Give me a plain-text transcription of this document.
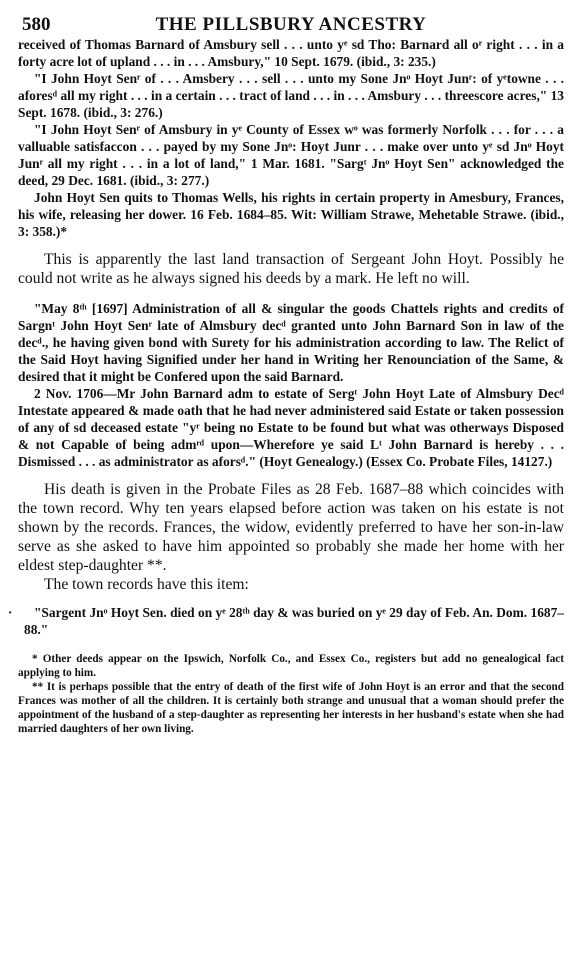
580	THE PILLSBURY ANCESTRY

received of Thomas Barnard of Amsbury sell . . . unto yᵉ sd Tho: Barnard all oʳ right . . . in a forty acre lot of upland . . . in . . . Amsbury," 10 Sept. 1679. (ibid., 3: 235.)

"I John Hoyt Senʳ of . . . Amsbery . . . sell . . . unto my Sone Jnᵒ Hoyt Junʳ: of yᵉtowne . . . aforesᵈ all my right . . . in a certain . . . tract of land . . . in . . . Amsbury . . . threescore acres," 13 Sept. 1678. (ibid., 3: 276.)

"I John Hoyt Senʳ of Amsbury in yᵉ County of Essex wᵒ was formerly Norfolk . . . for . . . a valluable satisfaccon . . . payed by my Sone Jnᵒ: Hoyt Junr . . . make over unto yᵉ sd Jnᵒ Hoyt Junʳ all my right . . . in a lot of land," 1 Mar. 1681. "Sargᵗ Jnᵒ Hoyt Sen" acknowledged the deed, 29 Dec. 1681. (ibid., 3: 277.)

John Hoyt Sen quits to Thomas Wells, his rights in certain property in Amesbury, Frances, his wife, releasing her dower. 16 Feb. 1684–85. Wit: William Strawe, Mehetable Strawe. (ibid., 3: 358.)*

This is apparently the last land transaction of Sergeant John Hoyt. Possibly he could not write as he always signed his deeds by a mark. He left no will.

"May 8ᵗʰ [1697] Administration of all & singular the goods Chattels rights and credits of Sargnᵗ John Hoyt Senʳ late of Almsbury decᵈ granted unto John Barnard Son in law of the decᵈ., he having given bond with Surety for his administration according to law. The Relict of the Said Hoyt having Signified under her hand in Writing her Renounciation of the Same, & desired that it might be Confered upon the said Barnard.

2 Nov. 1706—Mr John Barnard adm to estate of Sergᵗ John Hoyt Late of Almsbury Decᵈ Intestate appeared & made oath that he had never administered said Estate or taken possession of any of sd deceased estate "yʳ being no Estate to be found but what was otherways Disposed & not Capable of being admʳᵈ upon—Wherefore ye said Lᵗ John Barnard is hereby . . . Dismissed . . . as administrator as aforsᵈ." (Hoyt Genealogy.) (Essex Co. Probate Files, 14127.)

His death is given in the Probate Files as 28 Feb. 1687–88 which coincides with the town record. Why ten years elapsed before action was taken on his estate is not shown by the records. Frances, the widow, evidently preferred to have her son-in-law serve as she asked to have him appointed so probably she made her home with her eldest step-daughter **.

The town records have this item:

·	"Sargent Jnᵒ Hoyt Sen. died on yᵉ 28ᵗʰ day & was buried on yᵉ 29 day of Feb. An. Dom. 1687–88."

* Other deeds appear on the Ipswich, Norfolk Co., and Essex Co., registers but add no genealogical fact applying to him.

** It is perhaps possible that the entry of death of the first wife of John Hoyt is an error and that the second Frances was mother of all the children. It is certainly both strange and unusual that a woman should prefer the appointment of the husband of a step-daughter as representing her interests in her husband's estate when she had married daughters of her own living.
